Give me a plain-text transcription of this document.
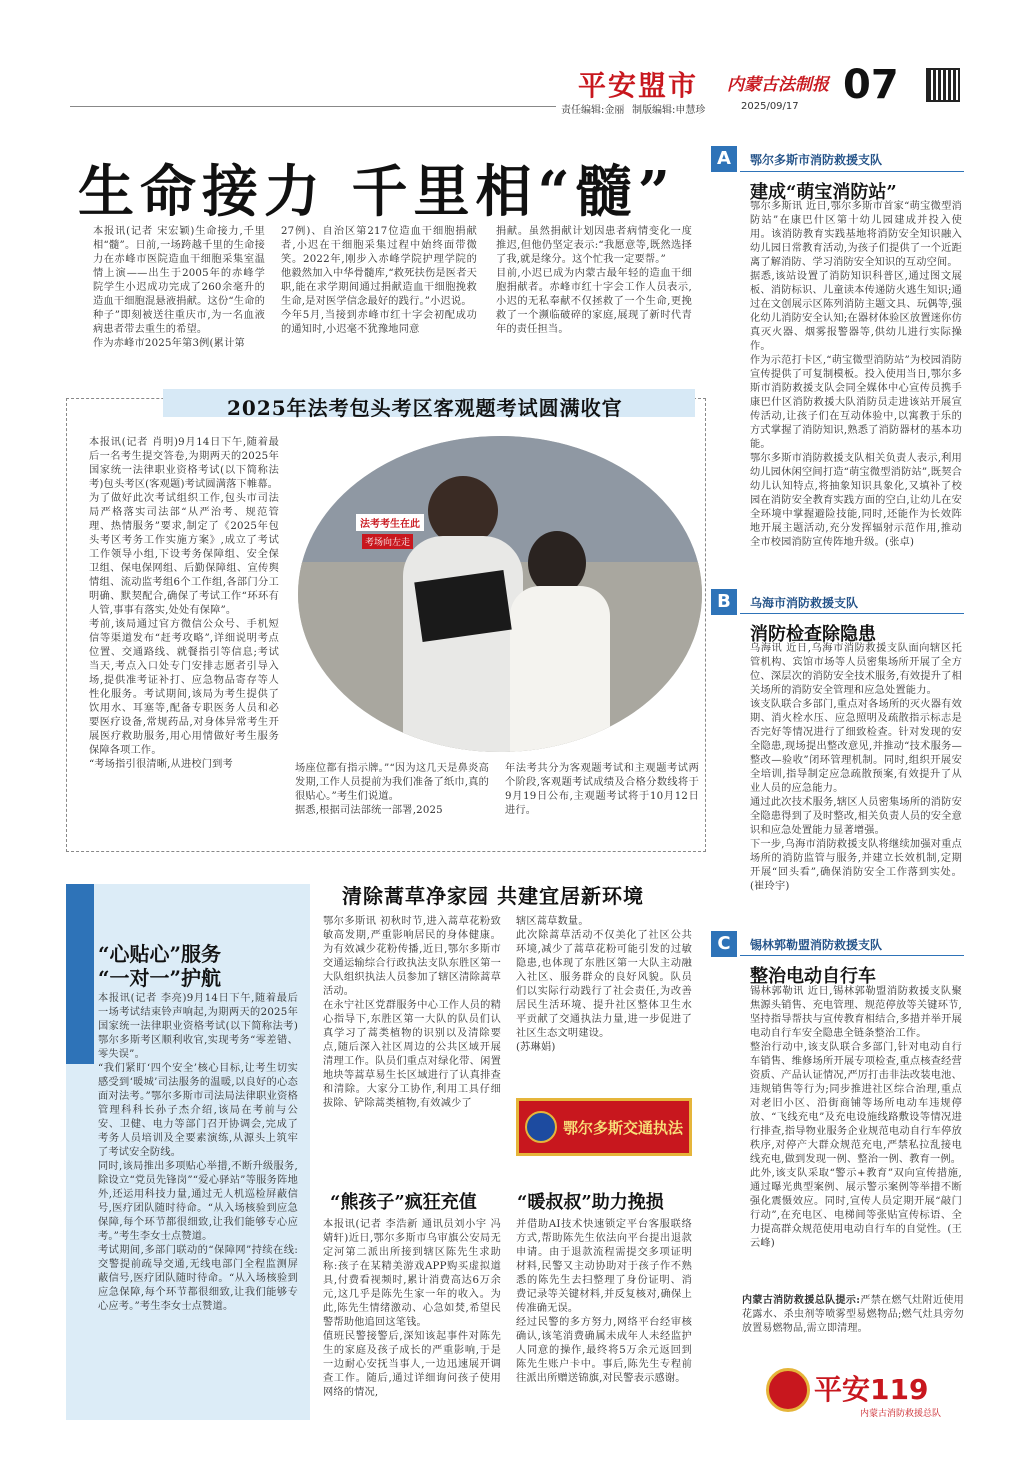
平安盟市 内蒙古法制报 07
责任编辑:金丽 制版编辑:申慧珍	2025/09/17
生命接力 千里相“髓”
本报讯(记者 宋宏颖)生命接力,千里相“髓”。日前,一场跨越千里的生命接力在赤峰市医院造血干细胞采集室温情上演——出生于2005年的赤峰学院学生小迟成功完成了260余毫升的造血干细胞混悬液捐献。这份“生命的种子”即刻被送往重庆市,为一名血液病患者带去重生的希望。
作为赤峰市2025年第3例(累计第
27例)、自治区第217位造血干细胞捐献者,小迟在干细胞采集过程中始终面带微笑。2022年,刚步入赤峰学院护理学院的他毅然加入中华骨髓库,“救死扶伤是医者天职,能在求学期间通过捐献造血干细胞挽救生命,是对医学信念最好的践行。”小迟说。
今年5月,当接到赤峰市红十字会初配成功的通知时,小迟毫不犹豫地同意
捐献。虽然捐献计划因患者病情变化一度推迟,但他仍坚定表示:“我愿意等,既然选择了我,就是缘分。这个忙我一定要帮。”
目前,小迟已成为内蒙古最年轻的造血干细胞捐献者。赤峰市红十字会工作人员表示,小迟的无私奉献不仅拯救了一个生命,更挽救了一个濒临破碎的家庭,展现了新时代青年的责任担当。
2025年法考包头考区客观题考试圆满收官
本报讯(记者 肖明)9月14日下午,随着最后一名考生提交答卷,为期两天的2025年国家统一法律职业资格考试(以下简称法考)包头考区(客观题)考试圆满落下帷幕。
为了做好此次考试组织工作,包头市司法局严格落实司法部“从严治考、规范管理、热情服务”要求,制定了《2025年包头考区考务工作实施方案》,成立了考试工作领导小组,下设考务保障组、安全保卫组、保电保网组、后勤保障组、宣传舆情组、流动监考组6个工作组,各部门分工明确、默契配合,确保了考试工作“环环有人管,事事有落实,处处有保障”。
考前,该局通过官方微信公众号、手机短信等渠道发布“赶考攻略”,详细说明考点位置、交通路线、就餐指引等信息;考试当天,考点入口处专门安排志愿者引导入场,提供准考证补打、应急物品寄存等人性化服务。考试期间,该局为考生提供了饮用水、耳塞等,配备专职医务人员和必要医疗设备,常规药品,对身体异常考生开展医疗救助服务,用心用情做好考生服务保障各项工作。
“考场指引很清晰,从进校门到考	场座位都有指示牌。”“因为这几天是鼻炎高发期,工作人员提前为我们准备了纸巾,真的很贴心。”考生们说道。
据悉,根据司法部统一部署,2025
年法考共分为客观题考试和主观题考试两个阶段,客观题考试成绩及合格分数线将于9月19日公布,主观题考试将于10月12日进行。
法考考生在此
考场向左走
A	鄂尔多斯市消防救援支队
建成“萌宝消防站”
鄂尔多斯讯 近日,鄂尔多斯市首家“萌宝微型消防站”在康巴什区第十幼儿园建成并投入使用。该消防教育实践基地将消防安全知识融入幼儿园日常教育活动,为孩子们提供了一个近距离了解消防、学习消防安全知识的互动空间。
据悉,该站设置了消防知识科普区,通过图文展板、消防标识、儿童读本传递防火逃生知识;通过在文创展示区陈列消防主题文具、玩偶等,强化幼儿消防安全认知;在器材体验区放置迷你仿真灭火器、烟雾报警器等,供幼儿进行实际操作。
作为示范打卡区,“萌宝微型消防站”为校园消防宣传提供了可复制模板。投入使用当日,鄂尔多斯市消防救援支队会同全媒体中心宣传员携手康巴什区消防救援大队消防员走进该站开展宣传活动,让孩子们在互动体验中,以寓教于乐的方式掌握了消防知识,熟悉了消防器材的基本功能。
鄂尔多斯市消防救援支队相关负责人表示,利用幼儿园休闲空间打造“萌宝微型消防站”,既契合幼儿认知特点,将抽象知识具象化,又填补了校园在消防安全教育实践方面的空白,让幼儿在安全环境中掌握避险技能,同时,还能作为长效阵地开展主题活动,充分发挥辐射示范作用,推动全市校园消防宣传阵地升级。(张卓)
B	乌海市消防救援支队
消防检查除隐患
乌海讯 近日,乌海市消防救援支队面向辖区托管机构、宾馆市场等人员密集场所开展了全方位、深层次的消防安全技术服务,有效提升了相关场所的消防安全管理和应急处置能力。
该支队联合多部门,重点对各场所的灭火器有效期、消火栓水压、应急照明及疏散指示标志是否完好等情况进行了细致检查。针对发现的安全隐患,现场提出整改意见,并推动“技术服务—整改—验收”闭环管理机制。同时,组织开展安全培训,指导制定应急疏散预案,有效提升了从业人员的应急能力。
通过此次技术服务,辖区人员密集场所的消防安全隐患得到了及时整改,相关负责人员的安全意识和应急处置能力显著增强。
下一步,乌海市消防救援支队将继续加强对重点场所的消防监管与服务,并建立长效机制,定期开展“回头看”,确保消防安全工作落到实处。(崔玲宇)
C	锡林郭勒盟消防救援支队
整治电动自行车
锡林郭勒讯 近日,锡林郭勒盟消防救援支队聚焦源头销售、充电管理、规范停放等关键环节,坚持指导帮扶与宣传教育相结合,多措并举开展电动自行车安全隐患全链条整治工作。
整治行动中,该支队联合多部门,针对电动自行车销售、维修场所开展专项检查,重点核查经营资质、产品认证情况,严厉打击非法改装电池、违规销售等行为;同步推进社区综合治理,重点对老旧小区、沿街商铺等场所电动车违规停放、“飞线充电”及充电设施线路敷设等情况进行排查,指导物业服务企业规范电动自行车停放秩序,对停产大群众规范充电,严禁私拉乱接电线充电,做到发现一例、整治一例、教育一例。
此外,该支队采取“警示+教育”双向宣传措施,通过曝光典型案例、展示警示案例等举措不断强化震慑效应。同时,宣传人员定期开展“敲门行动”,在充电区、电梯间等张贴宣传标语、全力提高群众规范使用电动自行车的自觉性。(王云峰)
内蒙古消防救援总队提示:严禁在燃气灶附近使用花露水、杀虫剂等喷雾型易燃物品;燃气灶具旁勿放置易燃物品,需立即清理。
平安119
内蒙古消防救援总队
“心贴心”服务
“一对一”护航
本报讯(记者 李亮)9月14日下午,随着最后一场考试结束铃声响起,为期两天的2025年国家统一法律职业资格考试(以下简称法考)鄂尔多斯考区顺利收官,实现考务“零差错、零失误”。
“我们紧盯‘四个安全’核心目标,让考生切实感受到‘暖城’司法服务的温暖,以良好的心态面对法考。”鄂尔多斯市司法局法律职业资格管理科科长孙子杰介绍,该局在考前与公安、卫健、电力等部门召开协调会,完成了考务人员培训及全要素演练,从源头上筑牢了考试安全防线。
同时,该局推出多项贴心举措,不断升级服务,除设立“党员先锋岗”“爱心驿站”等服务阵地外,还运用科技力量,通过无人机巡检屏蔽信号,医疗团队随时待命。“从入场核验到应急保障,每个环节都很细致,让我们能够专心应考。”考生李女士点赞道。
考试期间,多部门联动的“保障网”持续在线:交警提前疏导交通,无线电部门全程监测屏蔽信号,医疗团队随时待命。“从入场核验到应急保障,每个环节都很细致,让我们能够专心应考。”考生李女士点赞道。
清除蒿草净家园 共建宜居新环境
鄂尔多斯讯 初秋时节,进入蒿草花粉致敏高发期,严重影响居民的身体健康。为有效减少花粉传播,近日,鄂尔多斯市交通运输综合行政执法支队东胜区第一大队组织执法人员参加了辖区清除蒿草活动。
在永宁社区党群服务中心工作人员的精心指导下,东胜区第一大队的队员们认真学习了蒿类植物的识别以及清除要点,随后深入社区周边的公共区域开展清理工作。队员们重点对绿化带、闲置地块等蒿草易生长区域进行了认真排查和清除。大家分工协作,利用工具仔细拔除、铲除蒿类植物,有效减少了
辖区蒿草数量。
此次除蒿草活动不仅美化了社区公共环境,减少了蒿草花粉可能引发的过敏隐患,也体现了东胜区第一大队主动融入社区、服务群众的良好风貌。队员们以实际行动践行了社会责任,为改善居民生活环境、提升社区整体卫生水平贡献了交通执法力量,进一步促进了社区生态文明建设。
(苏琳娟)
鄂尔多斯交通执法
“熊孩子”疯狂充值 “暖叔叔”助力挽损
本报讯(记者 李浩新 通讯员刘小宇 冯婧轩)近日,鄂尔多斯市乌审旗公安局无定河第二派出所接到辖区陈先生求助称:孩子在某精美游戏APP购买虚拟道具,付费看视频时,累计消费高达6万余元,这几乎是陈先生家一年的收入。为此,陈先生情绪激动、心急如焚,希望民警帮助他追回这笔钱。
值班民警接警后,深知该起事件对陈先生的家庭及孩子成长的严重影响,于是一边耐心安抚当事人,一边迅速展开调查工作。随后,通过详细询问孩子使用网络的情况,
并借助AI技术快速锁定平台客服联络方式,帮助陈先生依法向平台提出退款申请。由于退款流程需提交多项证明材料,民警又主动协助对于孩子作不熟悉的陈先生去扫整理了身份证明、消费记录等关键材料,并反复核对,确保上传准确无误。
经过民警的多方努力,网络平台经审核确认,该笔消费确属未成年人未经监护人同意的操作,最终将5万余元返回到陈先生账户卡中。事后,陈先生专程前往派出所赠送锦旗,对民警表示感谢。
